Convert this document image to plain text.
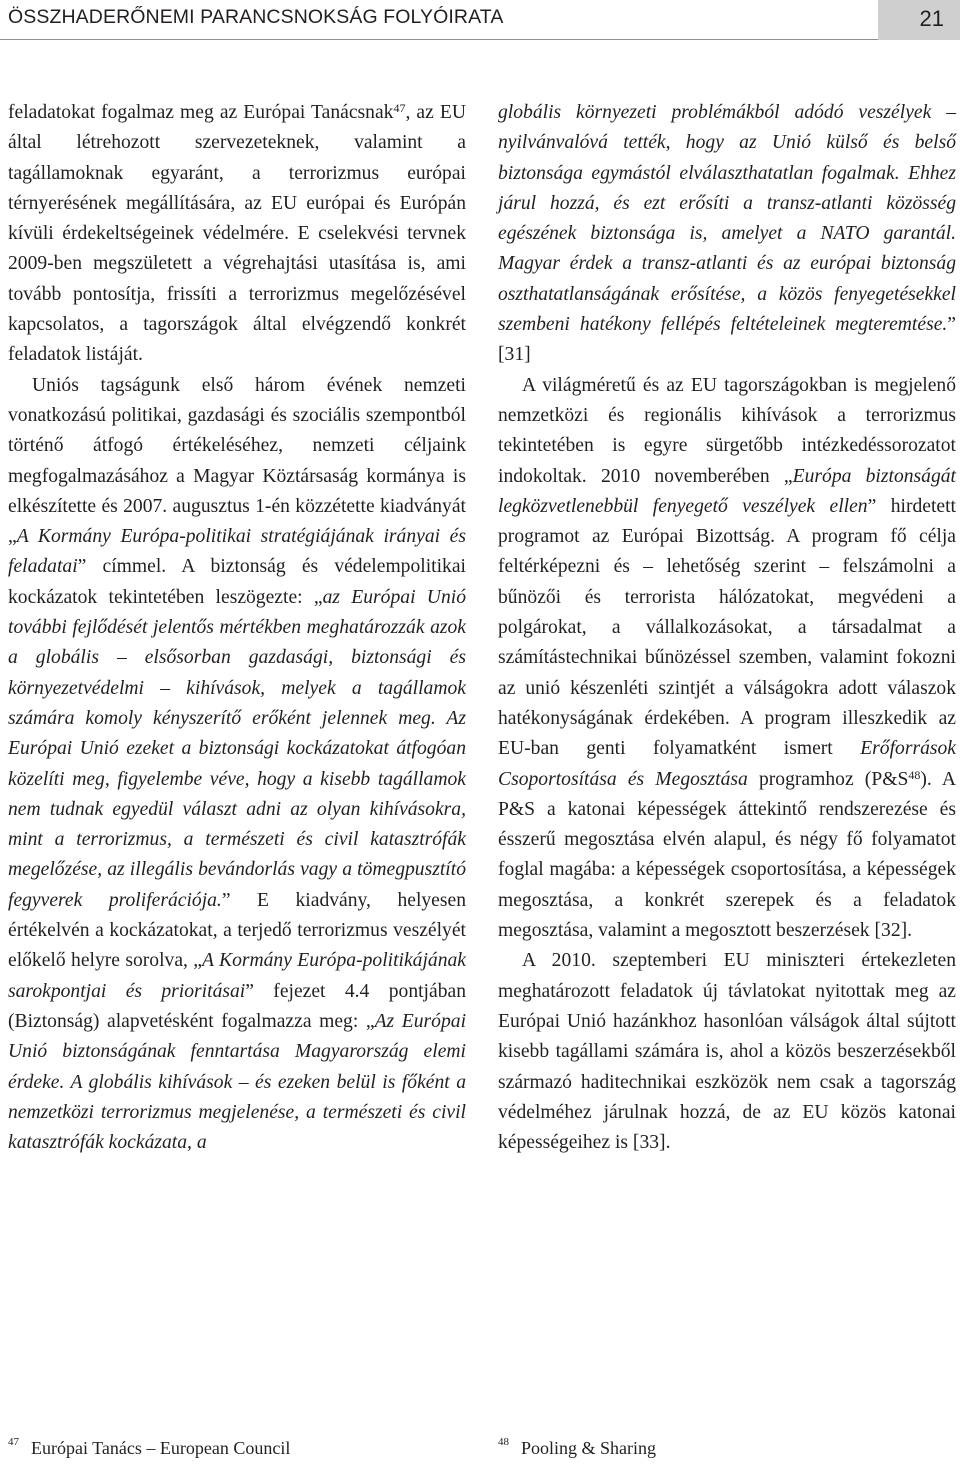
ÖSSZHADERŐNEMI PARANCSNOKSÁG FOLYÓIRATA	21

feladatokat fogalmaz meg az Európai Tanácsnak$^{47}$, az EU által létrehozott szervezeteknek, valamint a tagállamoknak egyaránt, a terrorizmus európai térnyerésének megállítására, az EU európai és Európán kívüli érdekeltségeinek védelmére. E cselekvési tervnek 2009-ben megszületett a végrehajtási utasítása is, ami tovább pontosítja, frissíti a terrorizmus megelőzésével kapcsolatos, a tagországok által elvégzendő konkrét feladatok listáját.

Uniós tagságunk első három évének nemzeti vonatkozású politikai, gazdasági és szociális szempontból történő átfogó értékeléséhez, nemzeti céljaink megfogalmazásához a Magyar Köztársaság kormánya is elkészítette és 2007. augusztus 1-én közzétette kiadványát „A Kormány Európa-politikai stratégiájának irányai és feladatai” címmel. A biztonság és védelempolitikai kockázatok tekintetében leszögezte: „az Európai Unió további fejlődését jelentős mértékben meghatározzák azok a globális – elsősorban gazdasági, biztonsági és környezetvédelmi – kihívások, melyek a tagállamok számára komoly kényszerítő erőként jelennek meg. Az Európai Unió ezeket a biztonsági kockázatokat átfogóan közelíti meg, figyelembe véve, hogy a kisebb tagállamok nem tudnak egyedül választ adni az olyan kihívásokra, mint a terrorizmus, a természeti és civil katasztrófák megelőzése, az illegális bevándorlás vagy a tömegpusztító fegyverek proliferációja.” E kiadvány, helyesen értékelvén a kockázatokat, a terjedő terrorizmus veszélyét előkelő helyre sorolva, „A Kormány Európa-politikájának sarokpontjai és prioritásai” fejezet 4.4 pontjában (Biztonság) alapvetésként fogalmazza meg: „Az Európai Unió biztonságának fenntartása Magyarország elemi érdeke. A globális kihívások – és ezeken belül is főként a nemzetközi terrorizmus megjelenése, a természeti és civil katasztrófák kockázata, a

globális környezeti problémákból adódó veszélyek – nyilvánvalóvá tették, hogy az Unió külső és belső biztonsága egymástól elválaszthatatlan fogalmak. Ehhez járul hozzá, és ezt erősíti a transz-atlanti közösség egészének biztonsága is, amelyet a NATO garantál. Magyar érdek a transz-atlanti és az európai biztonság oszthatatlanságának erősítése, a közös fenyegetésekkel szembeni hatékony fellépés feltételeinek megteremtése.” [31]

A világméretű és az EU tagországokban is megjelenő nemzetközi és regionális kihívások a terrorizmus tekintetében is egyre sürgetőbb intézkedéssorozatot indokoltak. 2010 novemberében „Európa biztonságát legközvetlenebbül fenyegető veszélyek ellen” hirdetett programot az Európai Bizottság. A program fő célja feltérképezni és – lehetőség szerint – felszámolni a bűnözői és terrorista hálózatokat, megvédeni a polgárokat, a vállalkozásokat, a társadalmat a számítástechnikai bűnözéssel szemben, valamint fokozni az unió készenléti szintjét a válságokra adott válaszok hatékonyságának érdekében. A program illeszkedik az EU-ban genti folyamatként ismert Erőforrások Csoportosítása és Megosztása programhoz $(P\&S^{48})$. A P&S a katonai képességek áttekintő rendszerezése és ésszerű megosztása elvén alapul, és négy fő folyamatot foglal magába: a képességek csoportosítása, a képességek megosztása, a konkrét szerepek és a feladatok megosztása, valamint a megosztott beszerzések [32].

A 2010. szeptemberi EU miniszteri értekezleten meghatározott feladatok új távlatokat nyitottak meg az Európai Unió hazánkhoz hasonlóan válságok által sújtott kisebb tagállami számára is, ahol a közös beszerzésekből származó haditechnikai eszközök nem csak a tagország védelméhez járulnak hozzá, de az EU közös katonai képességeihez is [33].

$^{47}$ Európai Tanács – European Council	$^{48}$ Pooling & Sharing
